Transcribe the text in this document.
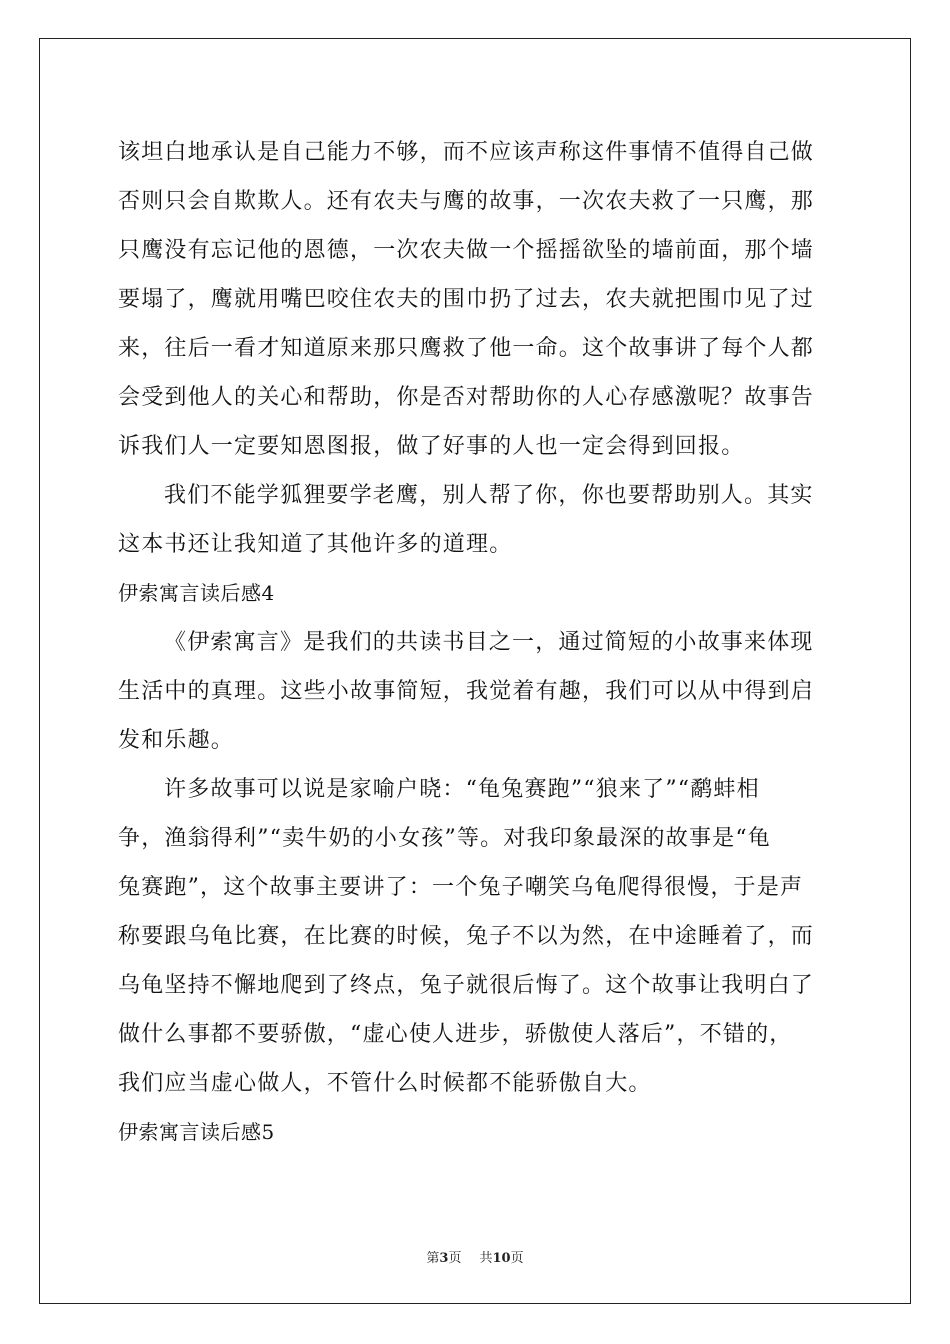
该坦白地承认是自己能力不够，而不应该声称这件事情不值得自己做
否则只会自欺欺人。还有农夫与鹰的故事，一次农夫救了一只鹰，那
只鹰没有忘记他的恩德，一次农夫做一个摇摇欲坠的墙前面，那个墙
要塌了，鹰就用嘴巴咬住农夫的围巾扔了过去，农夫就把围巾见了过
来，往后一看才知道原来那只鹰救了他一命。这个故事讲了每个人都
会受到他人的关心和帮助，你是否对帮助你的人心存感激呢？故事告
诉我们人一定要知恩图报，做了好事的人也一定会得到回报。
我们不能学狐狸要学老鹰，别人帮了你，你也要帮助别人。其实
这本书还让我知道了其他许多的道理。
伊索寓言读后感4
《伊索寓言》是我们的共读书目之一，通过简短的小故事来体现
生活中的真理。这些小故事简短，我觉着有趣，我们可以从中得到启
发和乐趣。
许多故事可以说是家喻户晓：“龟兔赛跑”“狼来了”“鹬蚌相
争，渔翁得利”“卖牛奶的小女孩”等。对我印象最深的故事是“龟
兔赛跑”，这个故事主要讲了：一个兔子嘲笑乌龟爬得很慢，于是声
称要跟乌龟比赛，在比赛的时候，兔子不以为然，在中途睡着了，而
乌龟坚持不懈地爬到了终点，兔子就很后悔了。这个故事让我明白了
做什么事都不要骄傲，“虚心使人进步，骄傲使人落后”，不错的，
我们应当虚心做人，不管什么时候都不能骄傲自大。
伊索寓言读后感5
第3页 共10页
